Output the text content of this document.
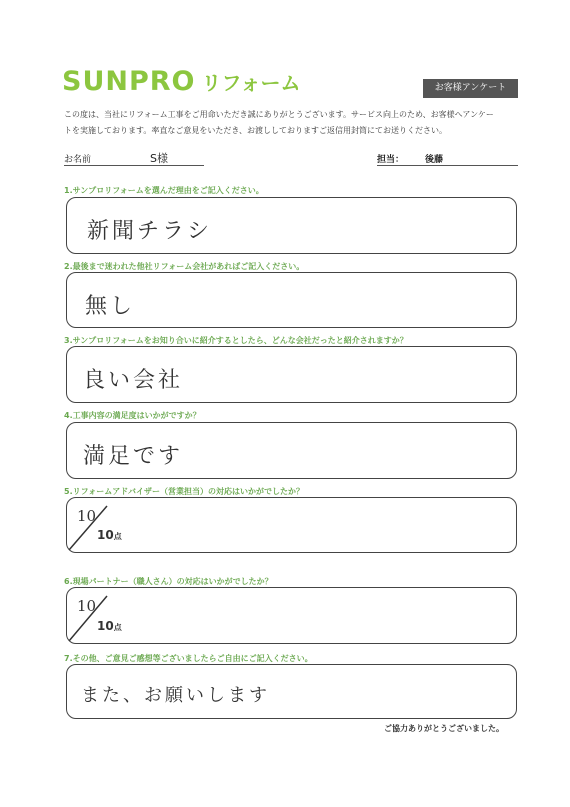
SUNPRO リフォーム	お客様アンケート
この度は、当社にリフォーム工事をご用命いただき誠にありがとうございます。サービス向上のため、お客様へアンケー
トを実施しております。率直なご意見をいただき、お渡ししておりますご返信用封筒にてお送りください。
お名前	S様	担当： 後藤
1.サンプロリフォームを選んだ理由をご記入ください。
新聞チラシ
2.最後まで迷われた他社リフォーム会社があればご記入ください。
無し
3.サンプロリフォームをお知り合いに紹介するとしたら、どんな会社だったと紹介されますか？
良い会社
4.工事内容の満足度はいかがですか？
満足です
5.リフォームアドバイザー（営業担当）の対応はいかがでしたか？
10
10点
6.現場パートナー（職人さん）の対応はいかがでしたか？
10
10点
7.その他、ご意見ご感想等ございましたらご自由にご記入ください。
また、お願いします
ご協力ありがとうございました。
